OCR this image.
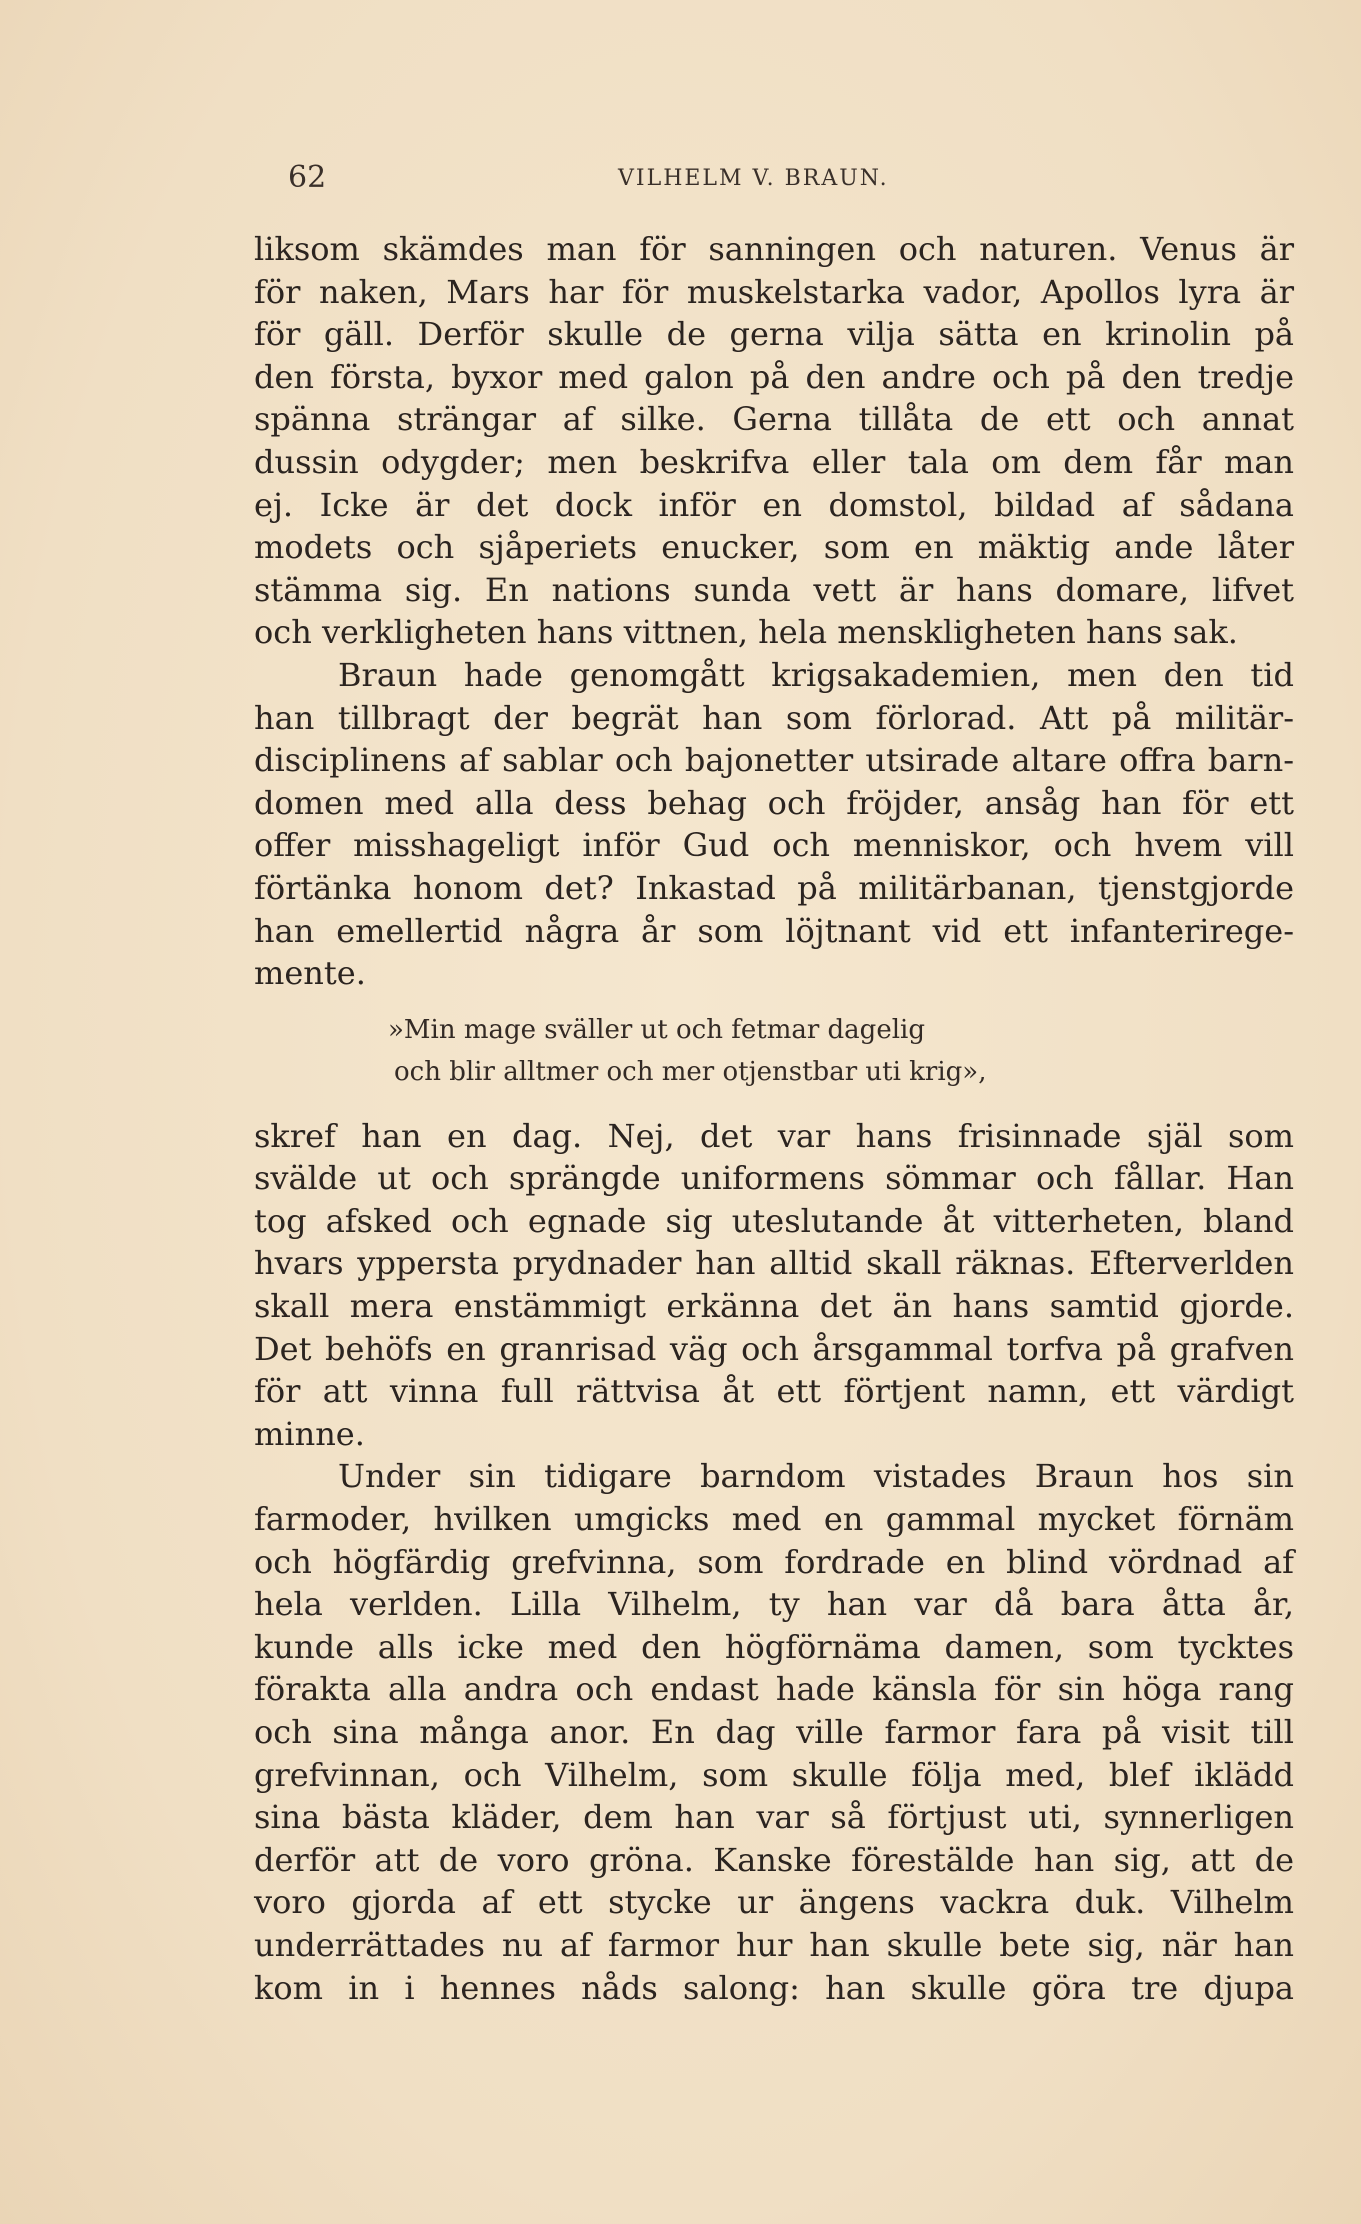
62	VILHELM V. BRAUN.
liksom skämdes man för sanningen och naturen. Venus är
för naken, Mars har för muskelstarka vador, Apollos lyra är
för gäll. Derför skulle de gerna vilja sätta en krinolin på
den första, byxor med galon på den andre och på den tredje
spänna strängar af silke. Gerna tillåta de ett och annat
dussin odygder; men beskrifva eller tala om dem får man
ej. Icke är det dock inför en domstol, bildad af sådana
modets och sjåperiets enucker, som en mäktig ande låter
stämma sig. En nations sunda vett är hans domare, lifvet
och verkligheten hans vittnen, hela menskligheten hans sak.
Braun hade genomgått krigsakademien, men den tid
han tillbragt der begrät han som förlorad. Att på militär-
disciplinens af sablar och bajonetter utsirade altare offra barn-
domen med alla dess behag och fröjder, ansåg han för ett
offer misshageligt inför Gud och menniskor, och hvem vill
förtänka honom det? Inkastad på militärbanan, tjenstgjorde
han emellertid några år som löjtnant vid ett infanterirege-
mente.
»Min mage sväller ut och fetmar dagelig
och blir alltmer och mer otjenstbar uti krig»,
skref han en dag. Nej, det var hans frisinnade själ som
svälde ut och sprängde uniformens sömmar och fållar. Han
tog afsked och egnade sig uteslutande åt vitterheten, bland
hvars yppersta prydnader han alltid skall räknas. Efterverlden
skall mera enstämmigt erkänna det än hans samtid gjorde.
Det behöfs en granrisad väg och årsgammal torfva på grafven
för att vinna full rättvisa åt ett förtjent namn, ett värdigt
minne.
Under sin tidigare barndom vistades Braun hos sin
farmoder, hvilken umgicks med en gammal mycket förnäm
och högfärdig grefvinna, som fordrade en blind vördnad af
hela verlden. Lilla Vilhelm, ty han var då bara åtta år,
kunde alls icke med den högförnäma damen, som tycktes
förakta alla andra och endast hade känsla för sin höga rang
och sina många anor. En dag ville farmor fara på visit till
grefvinnan, och Vilhelm, som skulle följa med, blef iklädd
sina bästa kläder, dem han var så förtjust uti, synnerligen
derför att de voro gröna. Kanske förestälde han sig, att de
voro gjorda af ett stycke ur ängens vackra duk. Vilhelm
underrättades nu af farmor hur han skulle bete sig, när han
kom in i hennes nåds salong: han skulle göra tre djupa
